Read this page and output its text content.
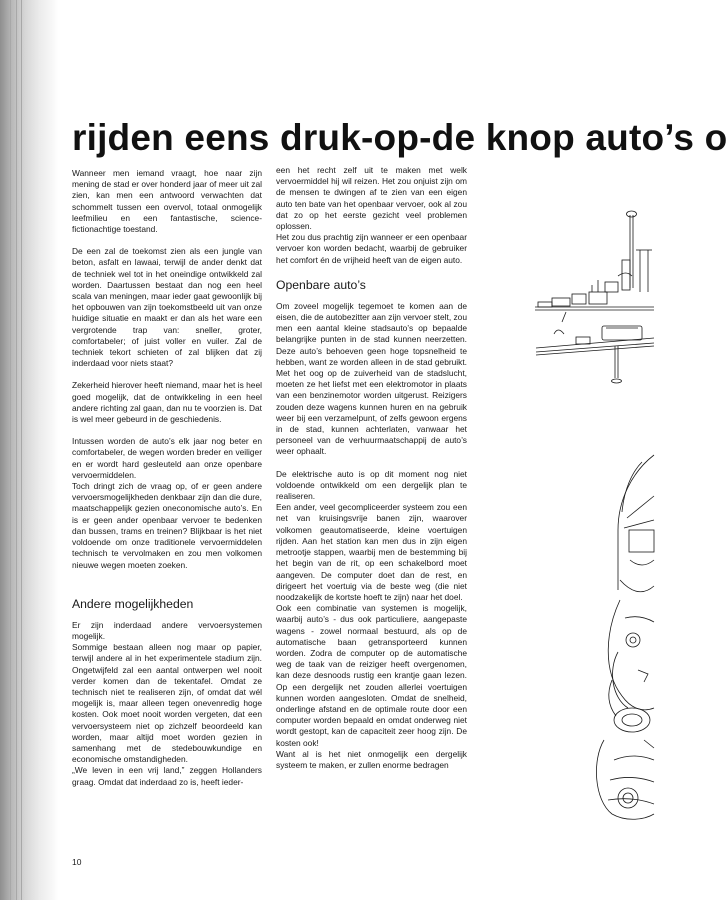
rijden eens druk-op-de knop auto’s o

Wanneer men iemand vraagt, hoe naar zijn mening de stad er over honderd jaar of meer uit zal zien, kan men een antwoord verwachten dat schommelt tussen een overvol, totaal onmogelijk leefmilieu en een fantastische, science-fictionachtige toestand.

De een zal de toekomst zien als een jungle van beton, asfalt en lawaai, terwijl de ander denkt dat de techniek wel tot in het oneindige ontwikkeld zal worden. Daartussen bestaat dan nog een heel scala van meningen, maar ieder gaat gewoonlijk bij het opbouwen van zijn toekomstbeeld uit van onze huidige situatie en maakt er dan als het ware een vergrotende trap van: sneller, groter, comfortabeler; of juist voller en vuiler. Zal de techniek tekort schieten of zal blijken dat zij inderdaad voor niets staat?

Zekerheid hierover heeft niemand, maar het is heel goed mogelijk, dat de ontwikkeling in een heel andere richting zal gaan, dan nu te voorzien is. Dat is wel meer gebeurd in de geschiedenis.

Intussen worden de auto’s elk jaar nog beter en comfortabeler, de wegen worden breder en veiliger en er wordt hard gesleuteld aan onze openbare vervoermiddelen.

Toch dringt zich de vraag op, of er geen andere vervoersmogelijkheden denkbaar zijn dan die dure, maatschappelijk gezien oneconomische auto’s. En is er geen ander openbaar vervoer te bedenken dan bussen, trams en treinen? Blijkbaar is het niet voldoende om onze traditionele vervoermiddelen technisch te vervolmaken en zou men volkomen nieuwe wegen moeten zoeken.

Andere mogelijkheden

Er zijn inderdaad andere vervoersystemen mogelijk.

Sommige bestaan alleen nog maar op papier, terwijl andere al in het experimentele stadium zijn. Ongetwijfeld zal een aantal ontwerpen wel nooit verder komen dan de tekentafel. Omdat ze technisch niet te realiseren zijn, of omdat dat wél mogelijk is, maar alleen tegen onevenredig hoge kosten. Ook moet nooit worden vergeten, dat een vervoersysteem niet op zichzelf beoordeeld kan worden, maar altijd moet worden gezien in samenhang met de stedebouwkundige en economische omstandigheden.

„We leven in een vrij land,” zeggen Hollanders graag. Omdat dat inderdaad zo is, heeft ieder-

een het recht zelf uit te maken met welk vervoermiddel hij wil reizen. Het zou onjuist zijn om de mensen te dwingen af te zien van een eigen auto ten bate van het openbaar vervoer, ook al zou dat zo op het eerste gezicht veel problemen oplossen.

Het zou dus prachtig zijn wanneer er een openbaar vervoer kon worden bedacht, waarbij de gebruiker het comfort én de vrijheid heeft van de eigen auto.

Openbare auto’s

Om zoveel mogelijk tegemoet te komen aan de eisen, die de autobezitter aan zijn vervoer stelt, zou men een aantal kleine stadsauto’s op bepaalde belangrijke punten in de stad kunnen neerzetten. Deze auto’s behoeven geen hoge topsnelheid te hebben, want ze worden alleen in de stad gebruikt. Met het oog op de zuiverheid van de stadslucht, moeten ze het liefst met een elektromotor in plaats van een benzinemotor worden uitgerust. Reizigers zouden deze wagens kunnen huren en na gebruik weer bij een verzamelpunt, of zelfs gewoon ergens in de stad, kunnen achterlaten, vanwaar het personeel van de verhuurmaatschappij de auto’s weer ophaalt.

De elektrische auto is op dit moment nog niet voldoende ontwikkeld om een dergelijk plan te realiseren.

Een ander, veel gecompliceerder systeem zou een net van kruisingsvrije banen zijn, waarover volkomen geautomatiseerde, kleine voertuigen rijden. Aan het station kan men dus in zijn eigen metrootje stappen, waarbij men de bestemming bij het begin van de rit, op een schakelbord moet aangeven. De computer doet dan de rest, en dirigeert het voertuig via de beste weg (die niet noodzakelijk de kortste hoeft te zijn) naar het doel.

Ook een combinatie van systemen is mogelijk, waarbij auto’s - dus ook particuliere, aangepaste wagens - zowel normaal bestuurd, als op de automatische baan getransporteerd kunnen worden. Zodra de computer op de automatische weg de taak van de reiziger heeft overgenomen, kan deze desnoods rustig een krantje gaan lezen. Op een dergelijk net zouden allerlei voertuigen kunnen worden aangesloten. Omdat de snelheid, onderlinge afstand en de optimale route door een computer worden bepaald en omdat onderweg niet wordt gestopt, kan de capaciteit zeer hoog zijn. De kosten ook!

Want al is het niet onmogelijk een dergelijk systeem te maken, er zullen enorme bedragen

10
